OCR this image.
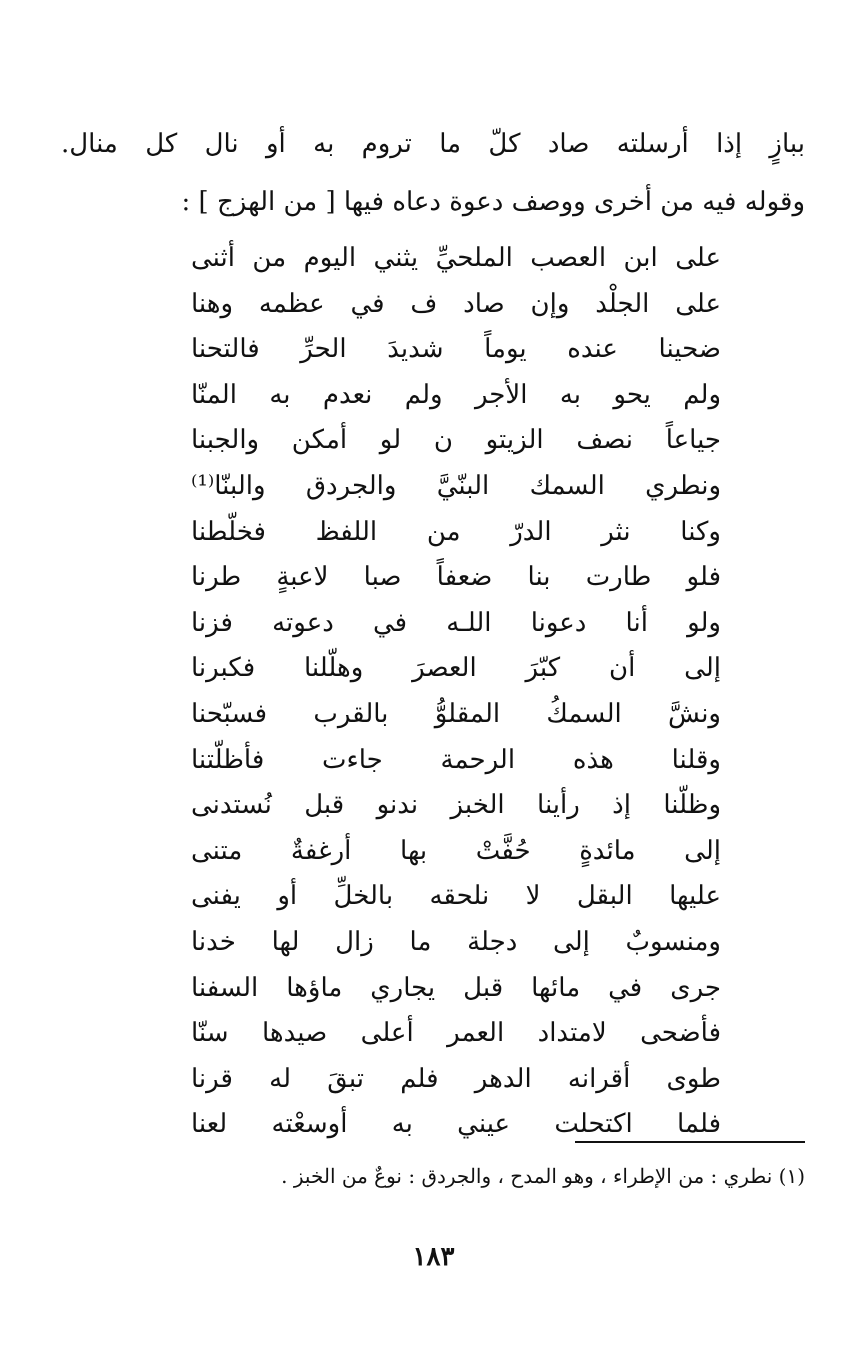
ببازٍ إذا أرسلته صاد كلّ ما تروم به أو نال كل منال.
وقوله فيه من أخرى ووصف دعوة دعاه فيها [ من الهزج ] :
على ابن العصب الملحيِّ يثني اليوم من أثنى
على الجلْد وإن صاد ف في عظمه وهنا
ضحينا عنده يوماً شديدَ الحرِّ فالتحنا
ولم يحو به الأجر ولم نعدم به المنّا
جياعاً نصف الزيتو ن لو أمكن والجبنا
ونطري السمك البنّيَّ والجردق والبنّا⁽¹⁾
وكنا نثر الدرّ من اللفظ فخلّطنا
فلو طارت بنا ضعفاً صبا لاعبةٍ طرنا
ولو أنا دعونا اللـه في دعوته فزنا
إلى أن كبّرَ العصرَ وهلّلنا فكبرنا
ونشَّ السمكُ المقلوُّ بالقرب فسبّحنا
وقلنا هذه الرحمة جاءت فأظلّتنا
وظلّنا إذ رأينا الخبز ندنو قبل نُستدنى
إلى مائدةٍ حُفَّتْ بها أرغفةٌ متنى
عليها البقل لا نلحقه بالخلِّ أو يفنى
ومنسوبٌ إلى دجلة ما زال لها خدنا
جرى في مائها قبل يجاري ماؤها السفنا
فأضحى لامتداد العمر أعلى صيدها سنّا
طوى أقرانه الدهر فلم تبقَ له قرنا
فلما اكتحلت عيني به أوسعْته لعنا
(١) نطري : من الإطراء ، وهو المدح ، والجردق : نوعٌ من الخبز .
١٨٣
